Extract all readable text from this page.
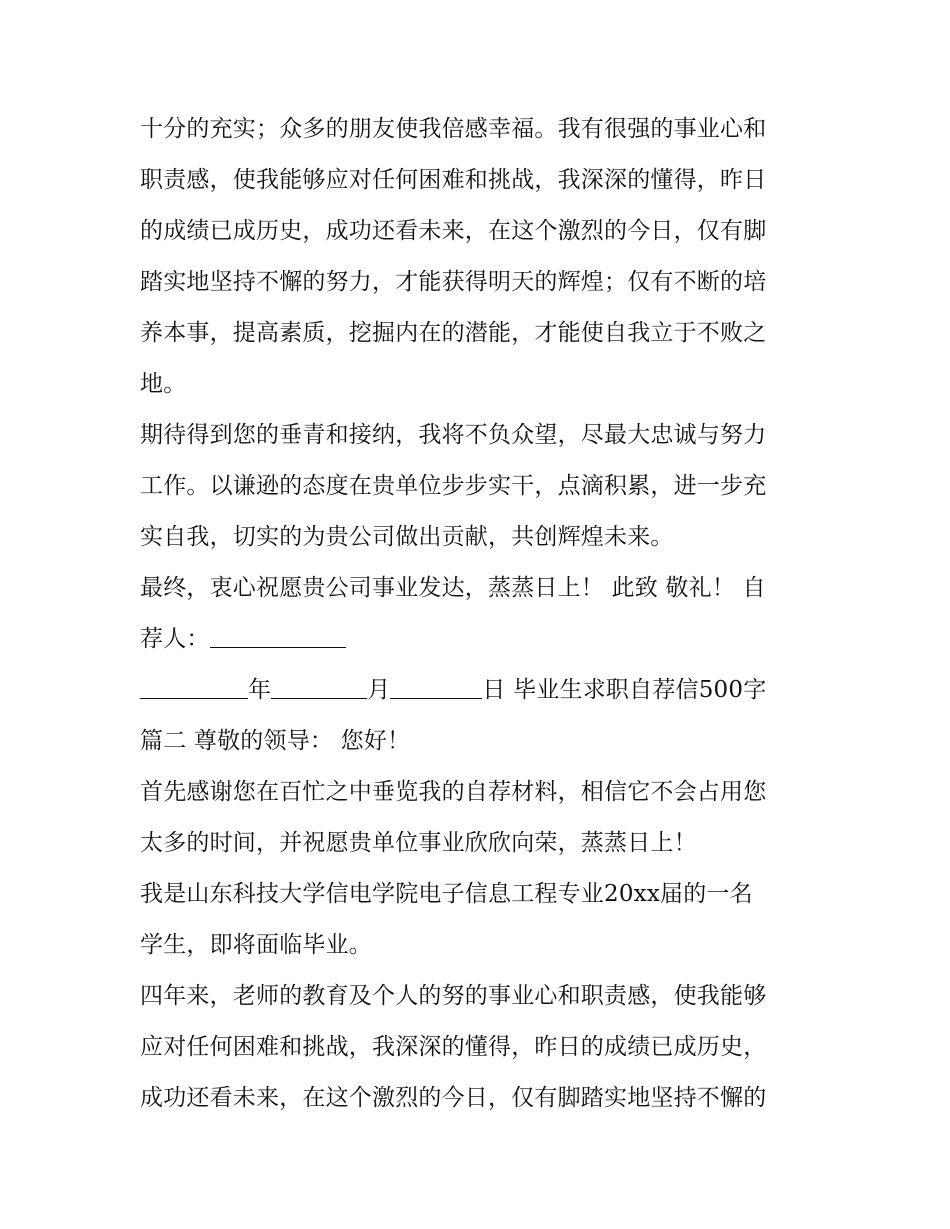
十分的充实；众多的朋友使我倍感幸福。我有很强的事业心和
职责感，使我能够应对任何困难和挑战，我深深的懂得，昨日
的成绩已成历史，成功还看未来，在这个激烈的今日，仅有脚
踏实地坚持不懈的努力，才能获得明天的辉煌；仅有不断的培
养本事，提高素质，挖掘内在的潜能，才能使自我立于不败之
地。
期待得到您的垂青和接纳，我将不负众望，尽最大忠诚与努力
工作。以谦逊的态度在贵单位步步实干，点滴积累，进一步充
实自我，切实的为贵公司做出贡献，共创辉煌未来。
最终，衷心祝愿贵公司事业发达，蒸蒸日上！ 此致 敬礼！ 自
荐人：
年	月	日 毕业生求职自荐信500字
篇二 尊敬的领导： 您好！
首先感谢您在百忙之中垂览我的自荐材料，相信它不会占用您
太多的时间，并祝愿贵单位事业欣欣向荣，蒸蒸日上！
我是山东科技大学信电学院电子信息工程专业20xx届的一名
学生，即将面临毕业。
四年来，老师的教育及个人的努的事业心和职责感，使我能够
应对任何困难和挑战，我深深的懂得，昨日的成绩已成历史，
成功还看未来，在这个激烈的今日，仅有脚踏实地坚持不懈的
